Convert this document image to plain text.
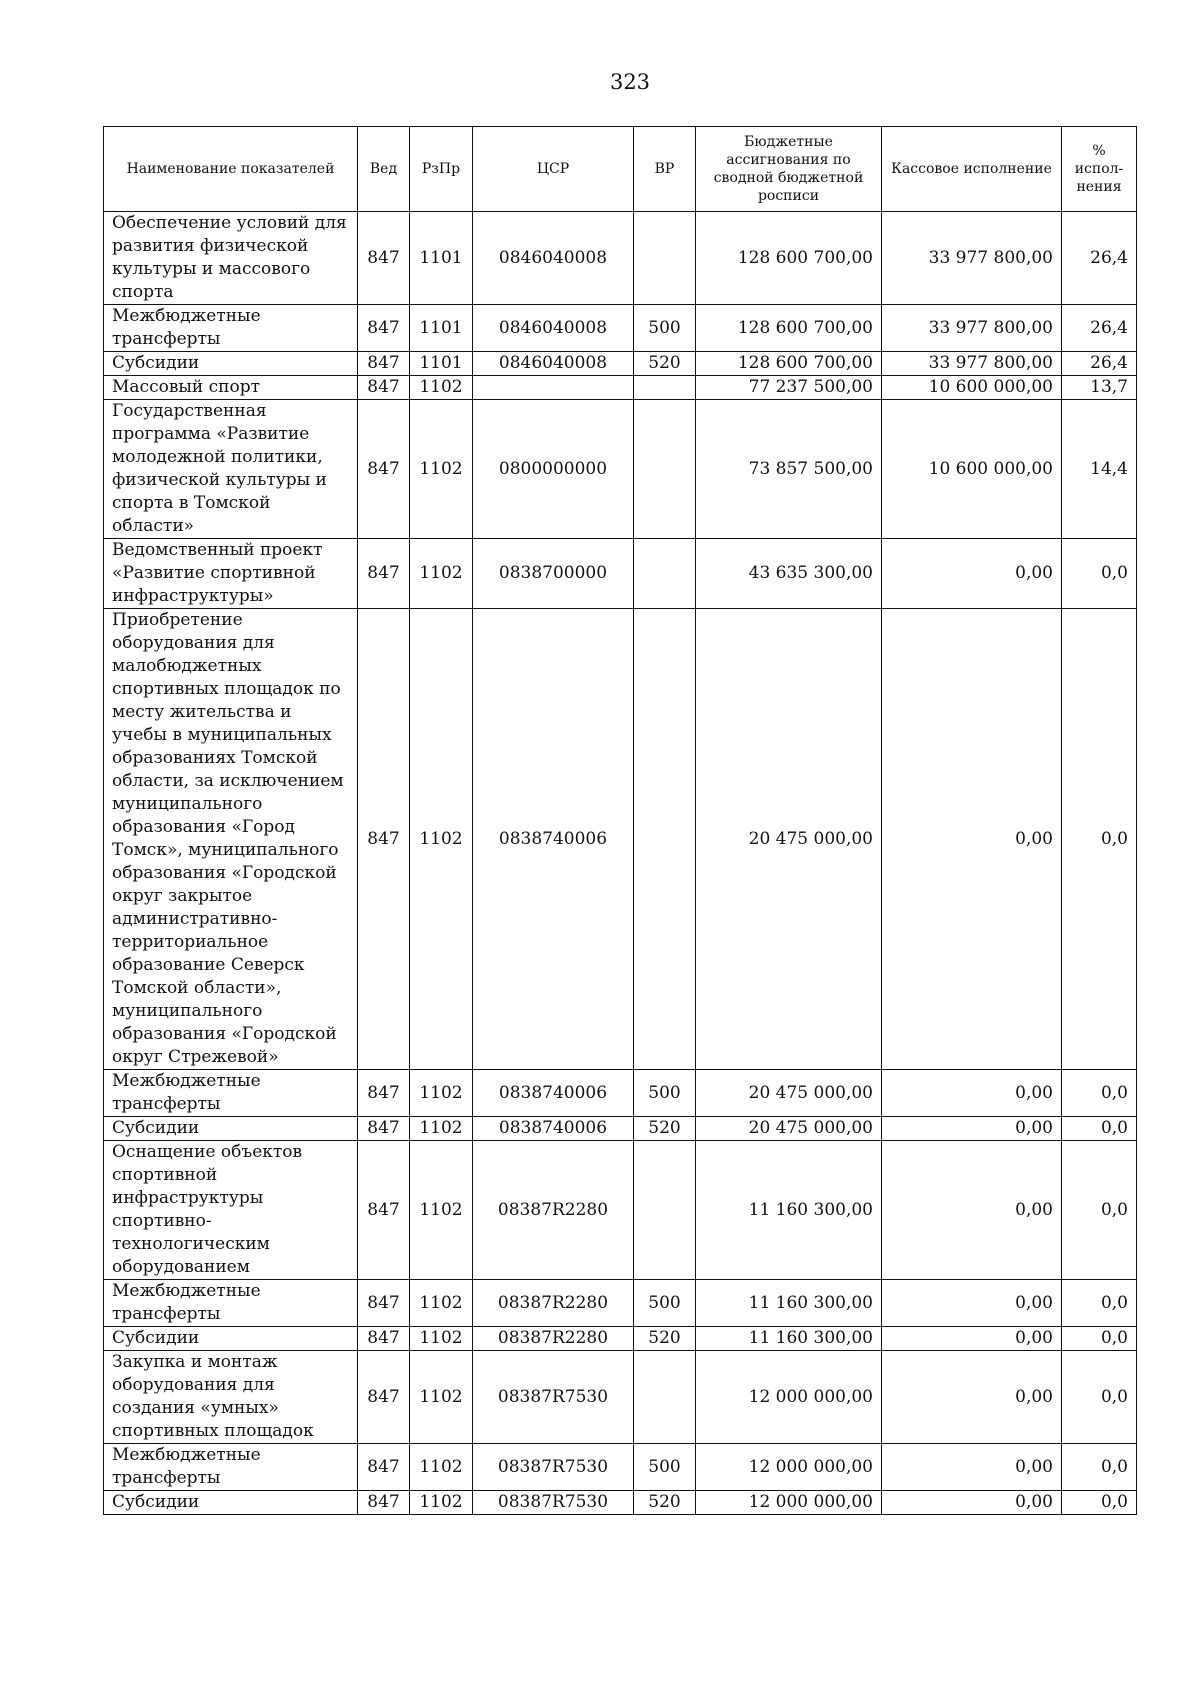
323
Наименование показателей	Вед	РзПр	ЦСР	ВР	Бюджетные ассигнования по сводной бюджетной росписи	Кассовое исполнение	% испол-нения
Обеспечение условий для развития физической культуры и массового спорта	847	1101	0846040008		128 600 700,00	33 977 800,00	26,4
Межбюджетные трансферты	847	1101	0846040008	500	128 600 700,00	33 977 800,00	26,4
Субсидии	847	1101	0846040008	520	128 600 700,00	33 977 800,00	26,4
Массовый спорт	847	1102			77 237 500,00	10 600 000,00	13,7
Государственная программа «Развитие молодежной политики, физической культуры и спорта в Томской области»	847	1102	0800000000		73 857 500,00	10 600 000,00	14,4
Ведомственный проект «Развитие спортивной инфраструктуры»	847	1102	0838700000		43 635 300,00	0,00	0,0
Приобретение оборудования для малобюджетных спортивных площадок по месту жительства и учебы в муниципальных образованиях Томской области, за исключением муниципального образования «Город Томск», муниципального образования «Городской округ закрытое административно-территориальное образование Северск Томской области», муниципального образования «Городской округ Стрежевой»	847	1102	0838740006		20 475 000,00	0,00	0,0
Межбюджетные трансферты	847	1102	0838740006	500	20 475 000,00	0,00	0,0
Субсидии	847	1102	0838740006	520	20 475 000,00	0,00	0,0
Оснащение объектов спортивной инфраструктуры спортивно-технологическим оборудованием	847	1102	08387R2280		11 160 300,00	0,00	0,0
Межбюджетные трансферты	847	1102	08387R2280	500	11 160 300,00	0,00	0,0
Субсидии	847	1102	08387R2280	520	11 160 300,00	0,00	0,0
Закупка и монтаж оборудования для создания «умных» спортивных площадок	847	1102	08387R7530		12 000 000,00	0,00	0,0
Межбюджетные трансферты	847	1102	08387R7530	500	12 000 000,00	0,00	0,0
Субсидии	847	1102	08387R7530	520	12 000 000,00	0,00	0,0
